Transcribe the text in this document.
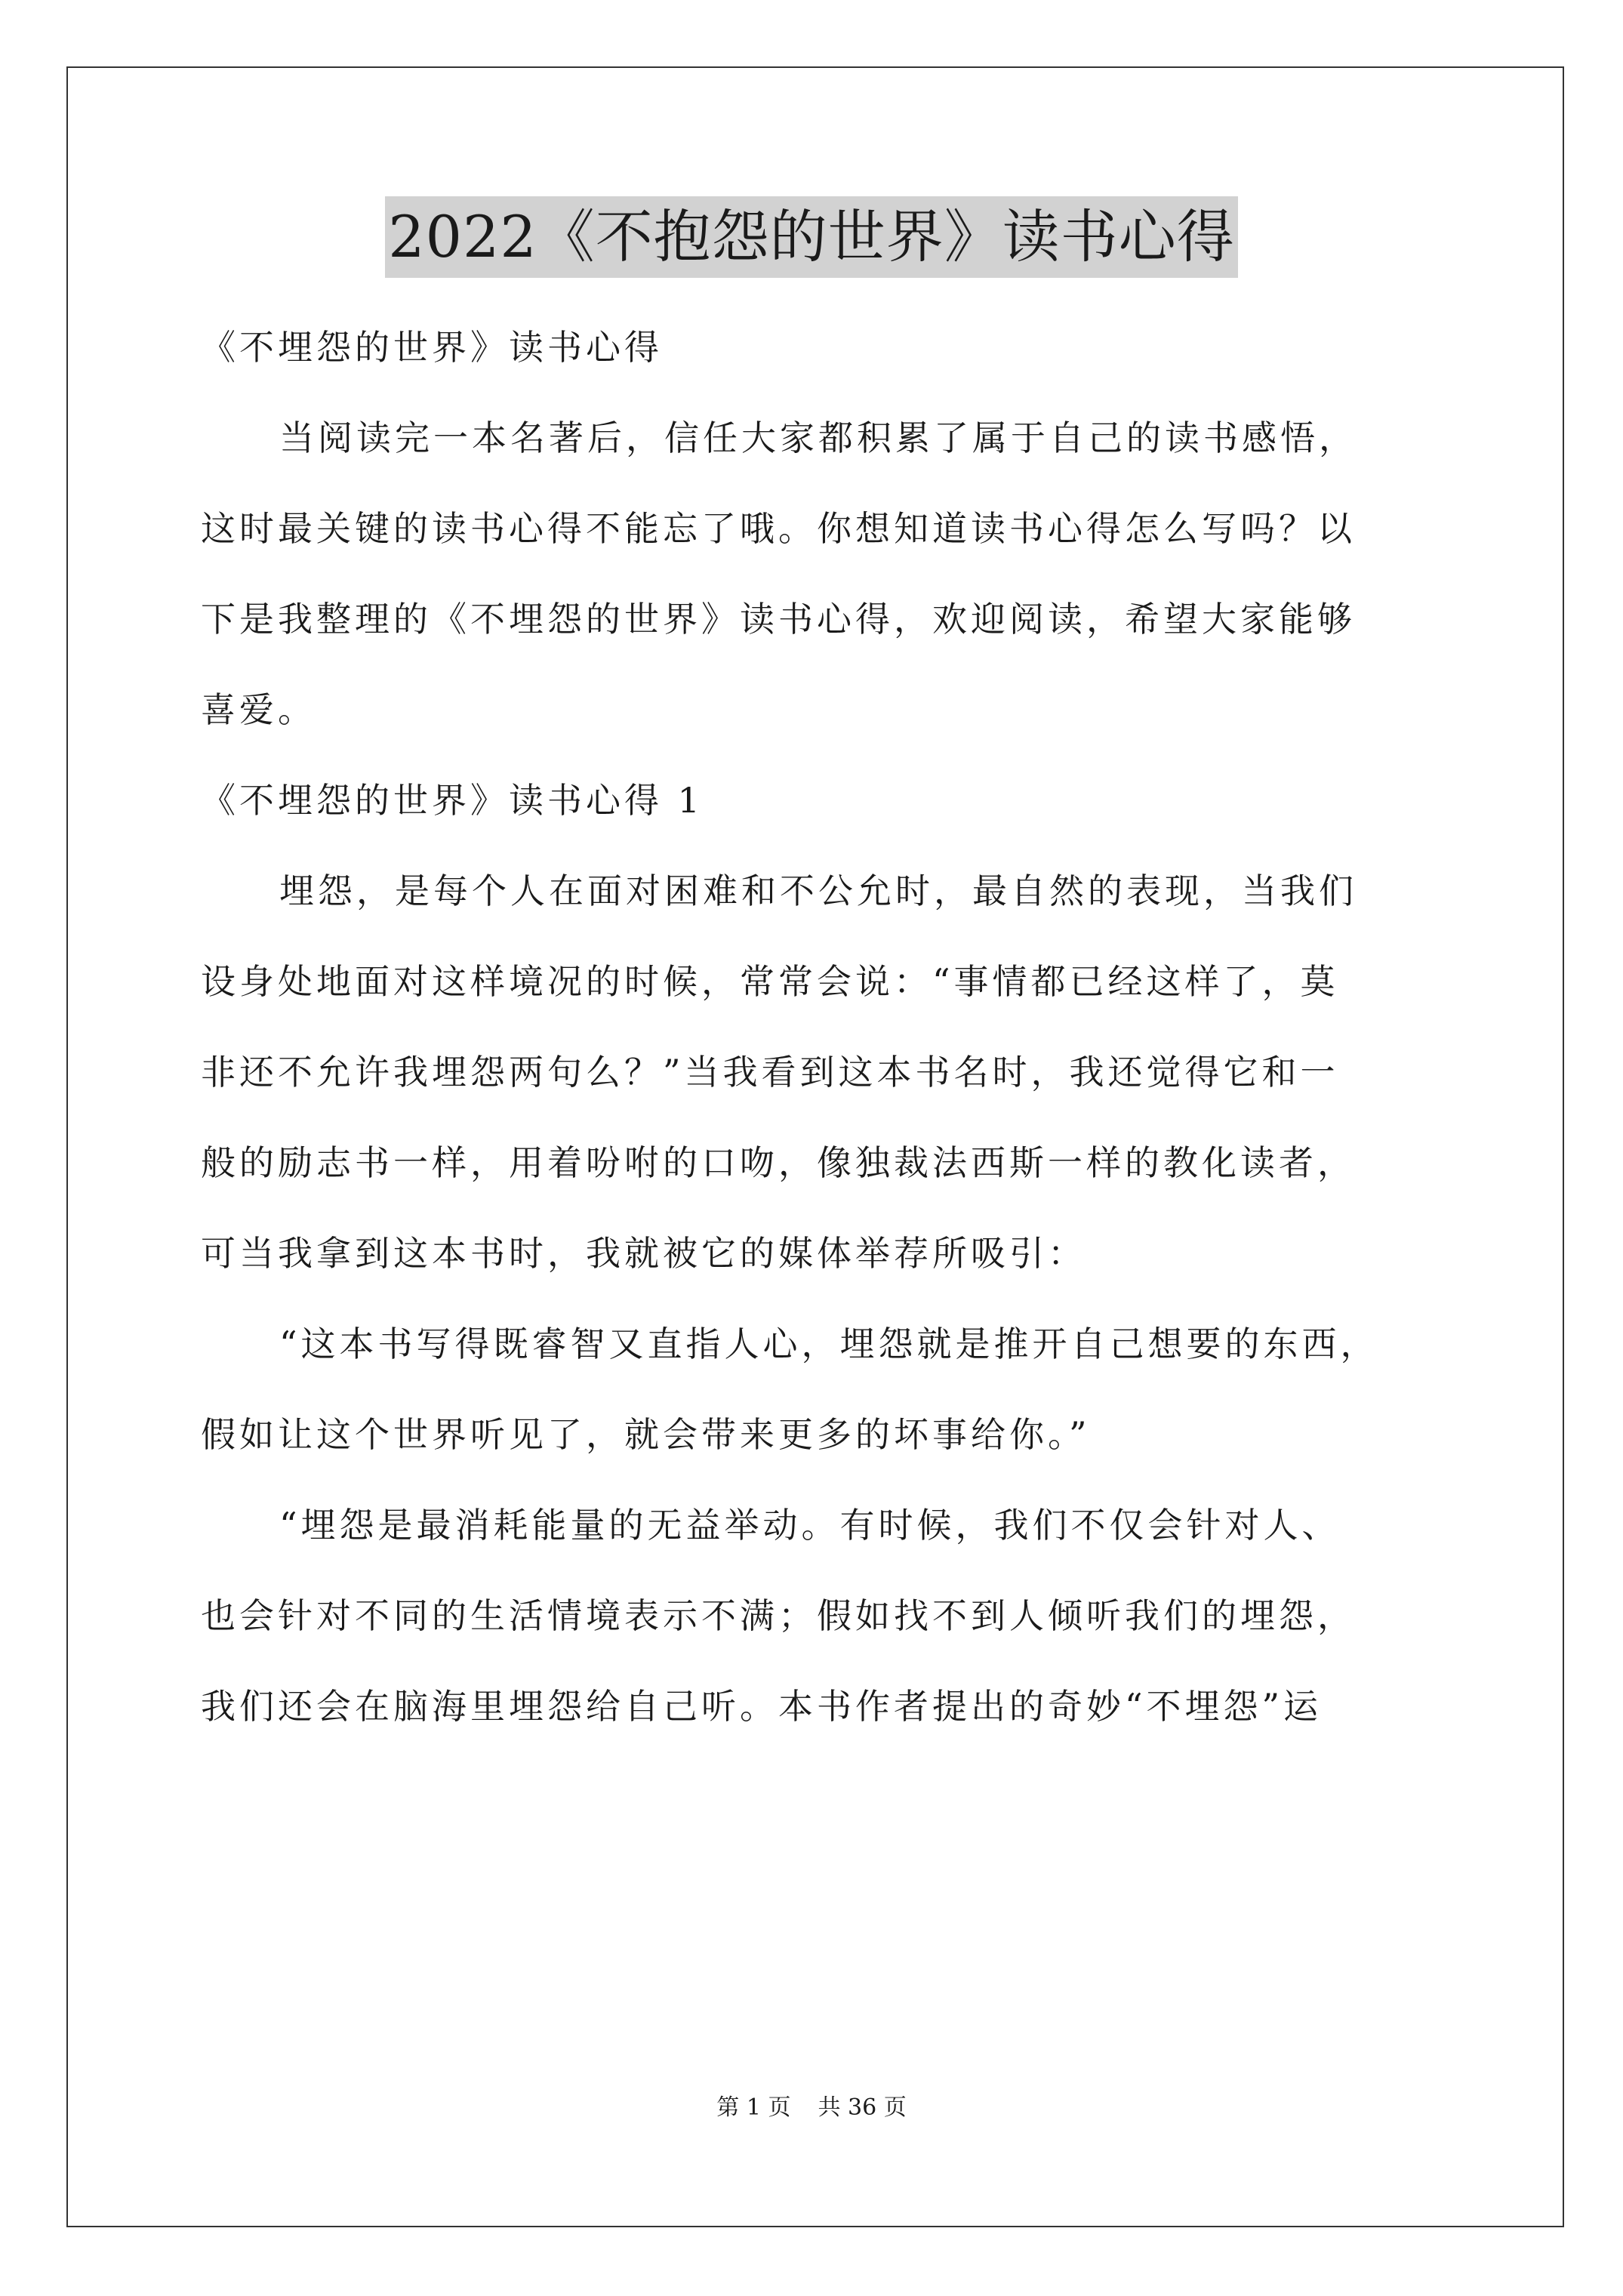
2022《不抱怨的世界》读书心得
《不埋怨的世界》读书心得
当阅读完一本名著后，信任大家都积累了属于自己的读书感悟，
这时最关键的读书心得不能忘了哦。你想知道读书心得怎么写吗？以
下是我整理的《不埋怨的世界》读书心得，欢迎阅读，希望大家能够
喜爱。
《不埋怨的世界》读书心得 1
埋怨，是每个人在面对困难和不公允时，最自然的表现，当我们
设身处地面对这样境况的时候，常常会说：“事情都已经这样了，莫
非还不允许我埋怨两句么？”当我看到这本书名时，我还觉得它和一
般的励志书一样，用着吩咐的口吻，像独裁法西斯一样的教化读者，
可当我拿到这本书时，我就被它的媒体举荐所吸引：
“这本书写得既睿智又直指人心，埋怨就是推开自己想要的东西，
假如让这个世界听见了，就会带来更多的坏事给你。”
“埋怨是最消耗能量的无益举动。有时候，我们不仅会针对人、
也会针对不同的生活情境表示不满；假如找不到人倾听我们的埋怨，
我们还会在脑海里埋怨给自己听。本书作者提出的奇妙“不埋怨”运
第 1 页 共 36 页
